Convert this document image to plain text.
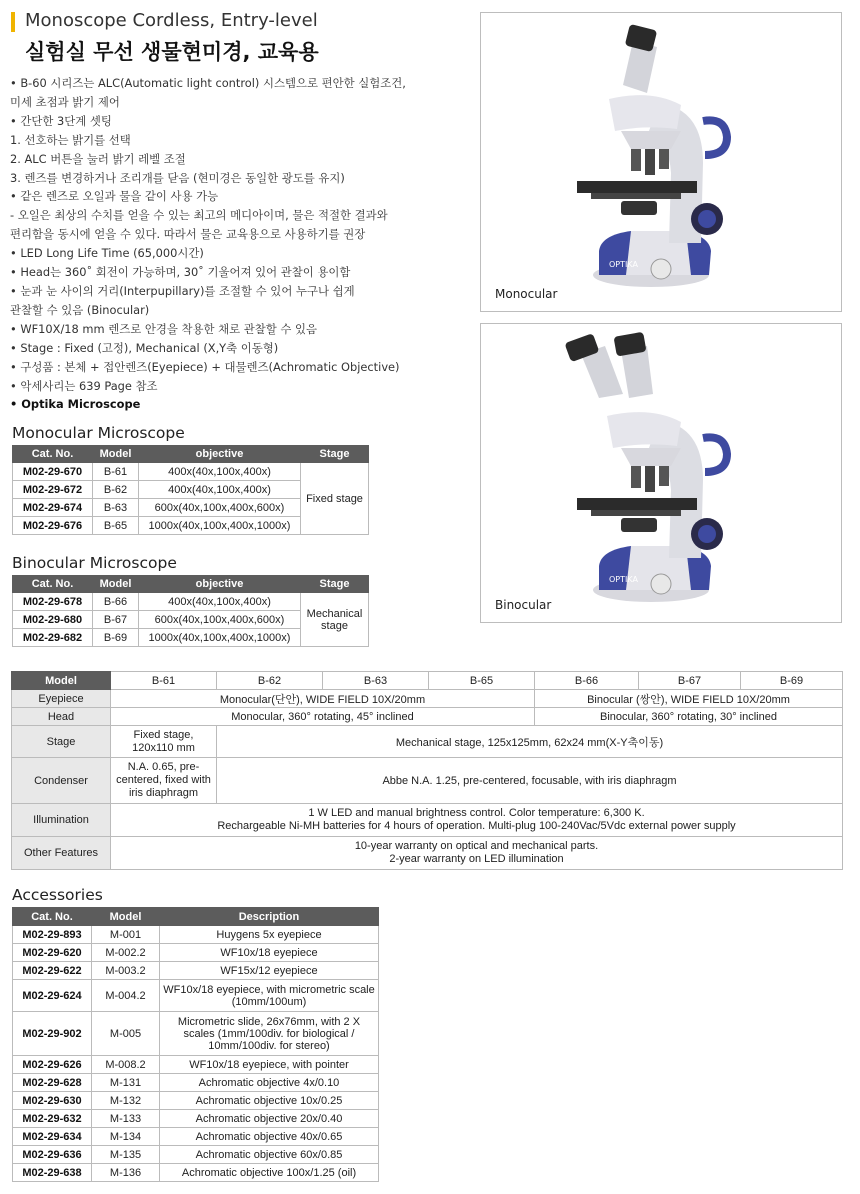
Monoscope Cordless, Entry-level
실험실 무선 생물현미경, 교육용
• B-60 시리즈는 ALC(Automatic light control) 시스템으로 편안한 실험조건,
미세 초점과 밝기 제어
• 간단한 3단계 셋팅
1. 선호하는 밝기를 선택
2. ALC 버튼을 눌러 밝기 레벨 조절
3. 렌즈를 변경하거나 조리개를 닫음 (현미경은 동일한 광도를 유지)
• 같은 렌즈로 오일과 물을 같이 사용 가능
- 오일은 최상의 수치를 얻을 수 있는 최고의 메디아이며, 물은 적절한 결과와
편리함을 동시에 얻을 수 있다. 따라서 물은 교육용으로 사용하기를 권장
• LED Long Life Time (65,000시간)
• Head는 360˚ 회전이 가능하며, 30˚ 기울어져 있어 관찰이 용이함
• 눈과 눈 사이의 거리(Interpupillary)를 조절할 수 있어 누구나 쉽게
관찰할 수 있음 (Binocular)
• WF10X/18 mm 렌즈로 안경을 착용한 채로 관찰할 수 있음
• Stage : Fixed (고정), Mechanical (X,Y축 이동형)
• 구성품 : 본체 + 접안렌즈(Eyepiece) + 대물렌즈(Achromatic Objective)
• 악세사리는 639 Page 참조
• Optika Microscope
OPTIKA
Monocular
OPTIKA
Binocular
Monocular Microscope
Cat. No.	Model	objective	Stage
M02-29-670	B-61	400x(40x,100x,400x)	Fixed stage
M02-29-672	B-62	400x(40x,100x,400x)	
M02-29-674	B-63	600x(40x,100x,400x,600x)	
M02-29-676	B-65	1000x(40x,100x,400x,1000x)	
Binocular Microscope
Cat. No.	Model	objective	Stage
M02-29-678	B-66	400x(40x,100x,400x)	Mechanical stage
M02-29-680	B-67	600x(40x,100x,400x,600x)	
M02-29-682	B-69	1000x(40x,100x,400x,1000x)	
Model	B-61	B-62	B-63	B-65	B-66	B-67	B-69
Eyepiece	Monocular(단안), WIDE FIELD 10X/20mm				Binocular (쌍안), WIDE FIELD 10X/20mm		
Head	Monocular, 360° rotating, 45° inclined				Binocular, 360° rotating, 30° inclined		
Stage	Fixed stage, 120x110 mm	Mechanical stage, 125x125mm, 62x24 mm(X-Y축이동)					
Condenser	N.A. 0.65, pre-centered, fixed with iris diaphragm	Abbe N.A. 1.25, pre-centered, focusable, with iris diaphragm					
Illumination	1 W LED and manual brightness control. Color temperature: 6,300 K.
Rechargeable Ni-MH batteries for 4 hours of operation. Multi-plug 100-240Vac/5Vdc external power supply						

Other Features	10-year warranty on optical and mechanical parts.
2-year warranty on LED illumination						
Accessories
Cat. No.	Model	Description
M02-29-893	M-001	Huygens 5x eyepiece
M02-29-620	M-002.2	WF10x/18 eyepiece
M02-29-622	M-003.2	WF15x/12 eyepiece
M02-29-624	M-004.2	WF10x/18 eyepiece, with micrometric scale (10mm/100um)
M02-29-902	M-005	Micrometric slide, 26x76mm, with 2 X scales (1mm/100div. for biological / 10mm/100div. for stereo)
M02-29-626	M-008.2	WF10x/18 eyepiece, with pointer
M02-29-628	M-131	Achromatic objective 4x/0.10
M02-29-630	M-132	Achromatic objective 10x/0.25
M02-29-632	M-133	Achromatic objective 20x/0.40
M02-29-634	M-134	Achromatic objective 40x/0.65
M02-29-636	M-135	Achromatic objective 60x/0.85
M02-29-638	M-136	Achromatic objective 100x/1.25 (oil)
